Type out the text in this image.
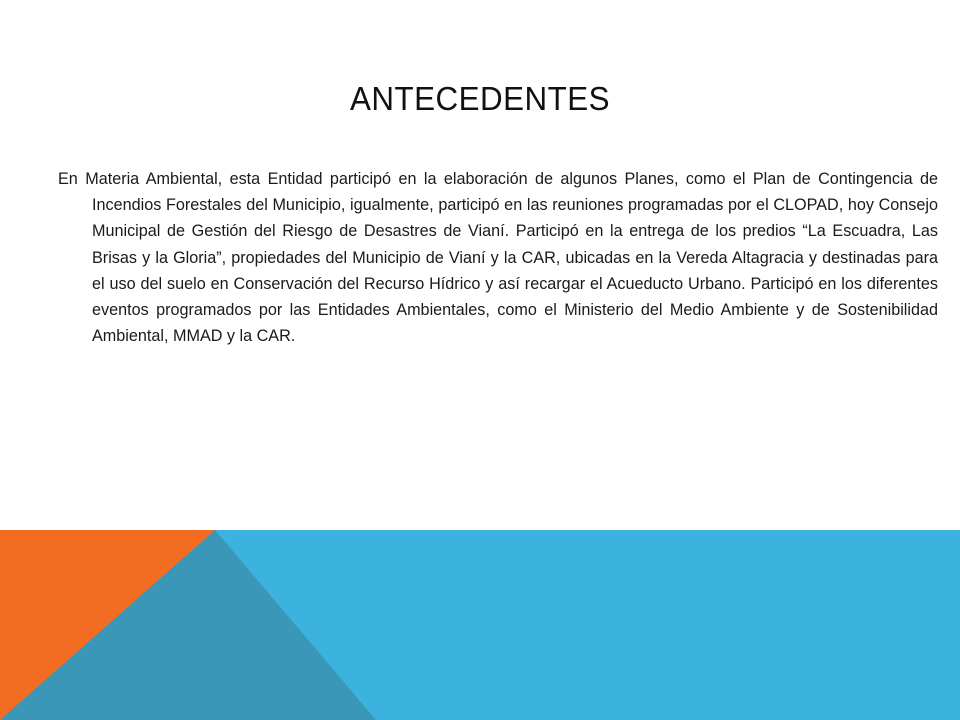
ANTECEDENTES

En Materia Ambiental, esta Entidad participó en la elaboración de algunos Planes, como el Plan de Contingencia de Incendios Forestales del Municipio, igualmente, participó en las reuniones programadas por el CLOPAD, hoy Consejo Municipal de Gestión del Riesgo de Desastres de Vianí. Participó en la entrega de los predios “La Escuadra, Las Brisas y la Gloria”, propiedades del Municipio de Vianí y la CAR, ubicadas en la Vereda Altagracia y destinadas para el uso del suelo en Conservación del Recurso Hídrico y así recargar el Acueducto Urbano. Participó en los diferentes eventos programados por las Entidades Ambientales, como el Ministerio del Medio Ambiente y de Sostenibilidad Ambiental, MMAD y la CAR.
